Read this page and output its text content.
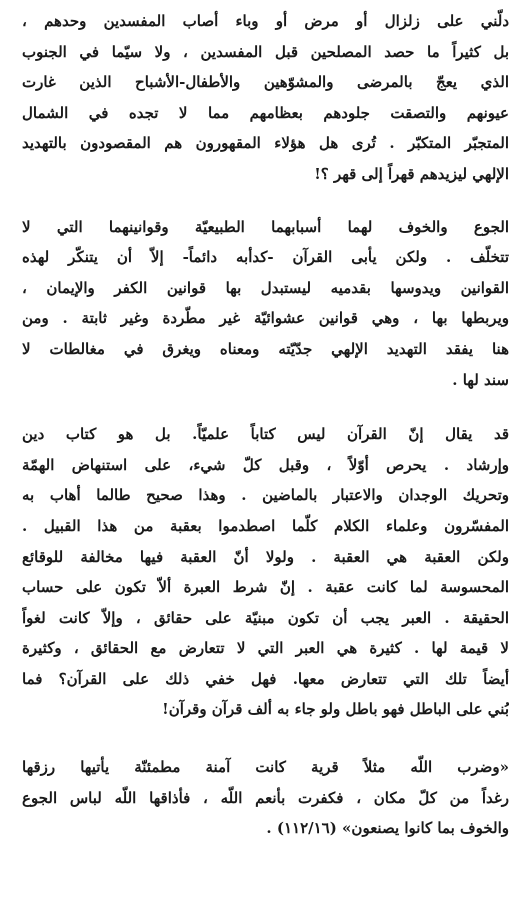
دلّني على زلزال أو مرض أو وباء أصاب المفسدين وحدهم ،
بل كثيراً ما حصد المصلحين قبل المفسدين ، ولا سيّما في الجنوب
الذي يعجّ بالمرضى والمشوّهين والأطفال-الأشباح الذين غارت
عيونهم والتصقت جلودهم بعظامهم مما لا تجده في الشمال
المتجبّر المتكبّر . تُرى هل هؤلاء المقهورون هم المقصودون بالتهديد
الإلهي ليزيدهم قهراً إلى قهر ؟!
الجوع والخوف لهما أسبابهما الطبيعيّة وقوانينهما التي لا
تتخلّف . ولكن يأبى القرآن -كدأبه دائماً- إلاّ أن يتنكّر لهذه
القوانين ويدوسها بقدميه ليستبدل بها قوانين الكفر والإيمان ،
ويربطها بها ، وهي قوانين عشوائيّة غير مطّردة وغير ثابتة . ومن
هنا يفقد التهديد الإلهي جدّيّته ومعناه ويغرق في مغالطات لا
سند لها .
قد يقال إنّ القرآن ليس كتاباً علميّاً. بل هو كتاب دين
وإرشاد . يحرص أوّلاً ، وقبل كلّ شيء، على استنهاض الهمّة
وتحريك الوجدان والاعتبار بالماضين . وهذا صحيح طالما أهاب به
المفسّرون وعلماء الكلام كلّما اصطدموا بعقبة من هذا القبيل .
ولكن العقبة هي العقبة . ولولا أنّ العقبة فيها مخالفة للوقائع
المحسوسة لما كانت عقبة . إنّ شرط العبرة ألاّ تكون على حساب
الحقيقة . العبر يجب أن تكون مبنيّة على حقائق ، وإلاّ كانت لغواً
لا قيمة لها . كثيرة هي العبر التي لا تتعارض مع الحقائق ، وكثيرة
أيضاً تلك التي تتعارض معها. فهل خفي ذلك على القرآن؟ فما
بُني على الباطل فهو باطل ولو جاء به ألف قرآن وقرآن!
«وضرب اللّه مثلاً قرية كانت آمنة مطمئنّة يأتيها رزقها
رغداً من كلّ مكان ، فكفرت بأنعم اللّه ، فأذاقها اللّه لباس الجوع
والخوف بما كانوا يصنعون» (١١٢/١٦) .
